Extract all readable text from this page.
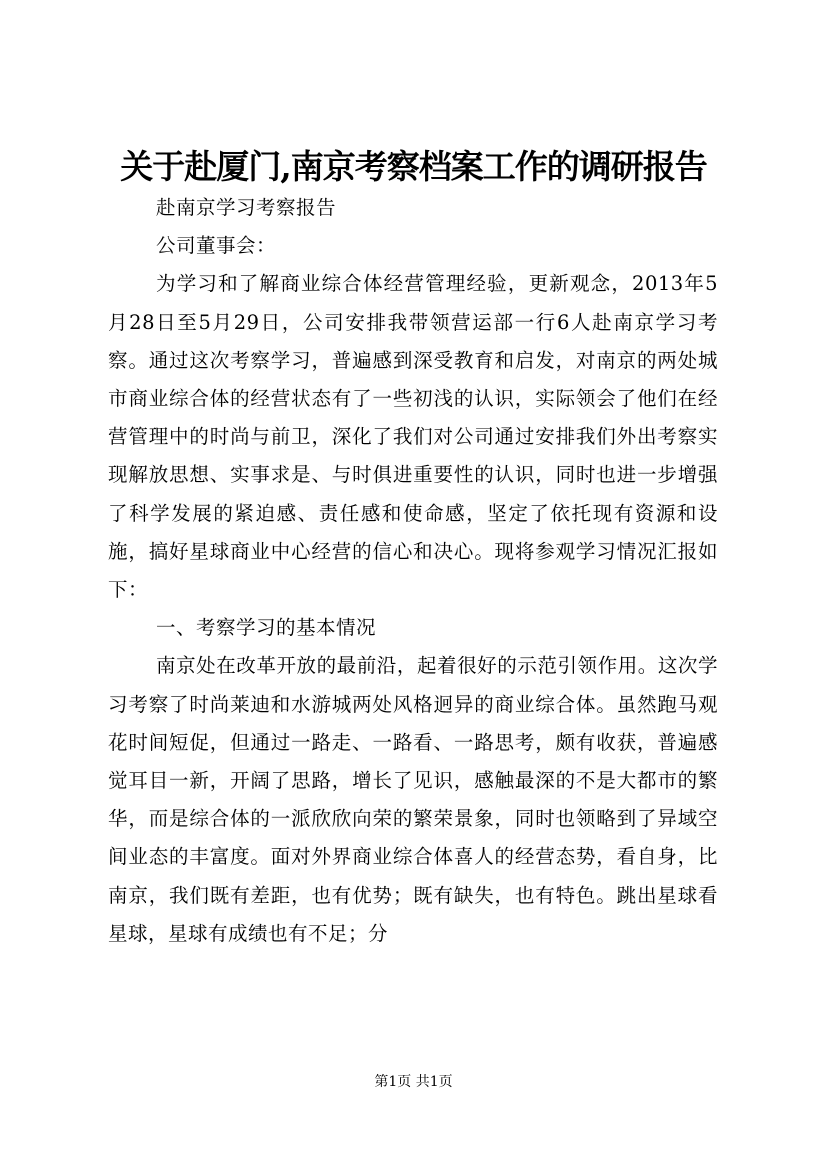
关于赴厦门,南京考察档案工作的调研报告

赴南京学习考察报告

公司董事会：

为学习和了解商业综合体经营管理经验，更新观念，2013年5月28日至5月29日，公司安排我带领营运部一行6人赴南京学习考察。通过这次考察学习，普遍感到深受教育和启发，对南京的两处城市商业综合体的经营状态有了一些初浅的认识，实际领会了他们在经营管理中的时尚与前卫，深化了我们对公司通过安排我们外出考察实现解放思想、实事求是、与时俱进重要性的认识，同时也进一步增强了科学发展的紧迫感、责任感和使命感，坚定了依托现有资源和设施，搞好星球商业中心经营的信心和决心。现将参观学习情况汇报如下：

一、考察学习的基本情况

南京处在改革开放的最前沿，起着很好的示范引领作用。这次学习考察了时尚莱迪和水游城两处风格迥异的商业综合体。虽然跑马观花时间短促，但通过一路走、一路看、一路思考，颇有收获，普遍感觉耳目一新，开阔了思路，增长了见识，感触最深的不是大都市的繁华，而是综合体的一派欣欣向荣的繁荣景象，同时也领略到了异域空间业态的丰富度。面对外界商业综合体喜人的经营态势，看自身，比南京，我们既有差距，也有优势；既有缺失，也有特色。跳出星球看星球，星球有成绩也有不足；分

第1页 共1页
